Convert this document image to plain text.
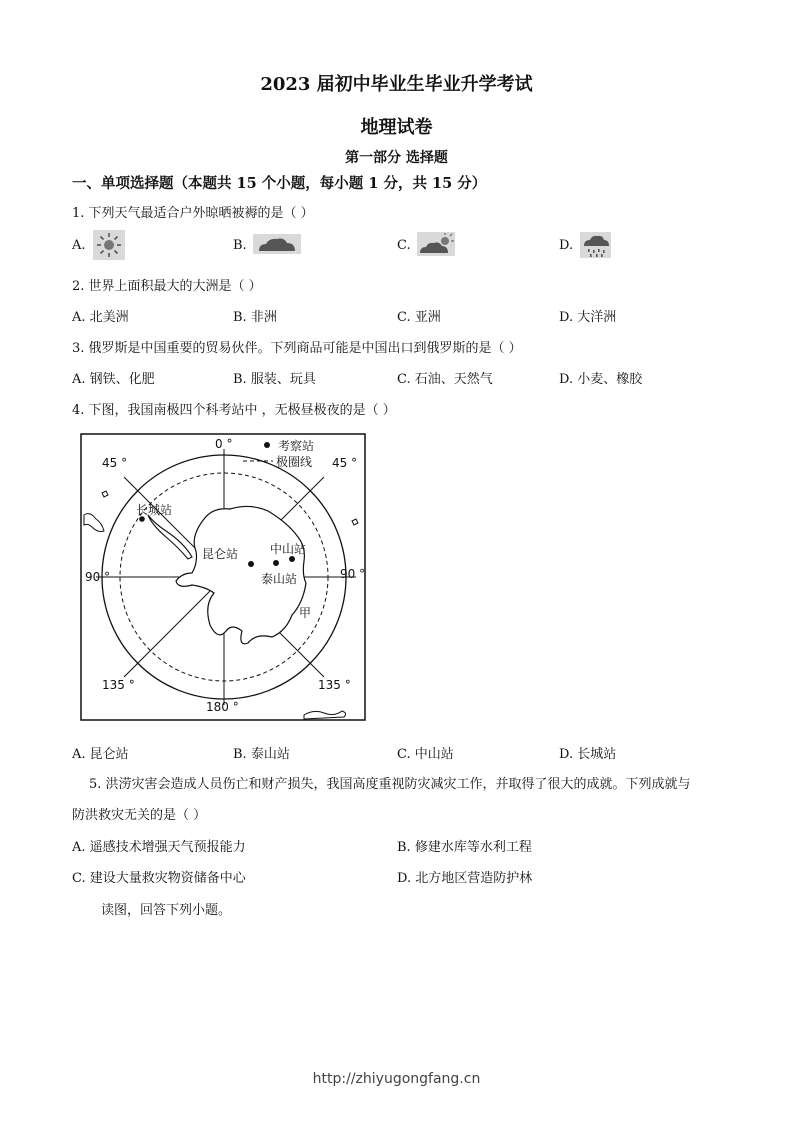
2023 届初中毕业生毕业升学考试
地理试卷
第一部分 选择题
一、单项选择题（本题共 15 个小题，每小题 1 分，共 15 分）
1. 下列天气最适合户外晾晒被褥的是（ ）
A.	B.	C.	D.
2. 世界上面积最大的大洲是（ ）
A. 北美洲	B. 非洲	C. 亚洲	D. 大洋洲
3. 俄罗斯是中国重要的贸易伙伴。下列商品可能是中国出口到俄罗斯的是（ ）
A. 钢铁、化肥	B. 服装、玩具	C. 石油、天然气	D. 小麦、橡胶
4. 下图，我国南极四个科考站中 ，无极昼极夜的是（ ）
考察站
极圈线
0 °
45 °	45 °
90 °	90 °
135 °	135 °
180 °
长城站
昆仑站	中山站
泰山站
甲
A. 昆仑站	B. 泰山站	C. 中山站	D. 长城站
5. 洪涝灾害会造成人员伤亡和财产损失，我国高度重视防灾减灾工作，并取得了很大的成就。下列成就与
防洪救灾无关的是（ ）
A. 遥感技术增强天气预报能力	B. 修建水库等水利工程
C. 建设大量救灾物资储备中心	D. 北方地区营造防护林
读图，回答下列小题。
http://zhiyugongfang.cn
